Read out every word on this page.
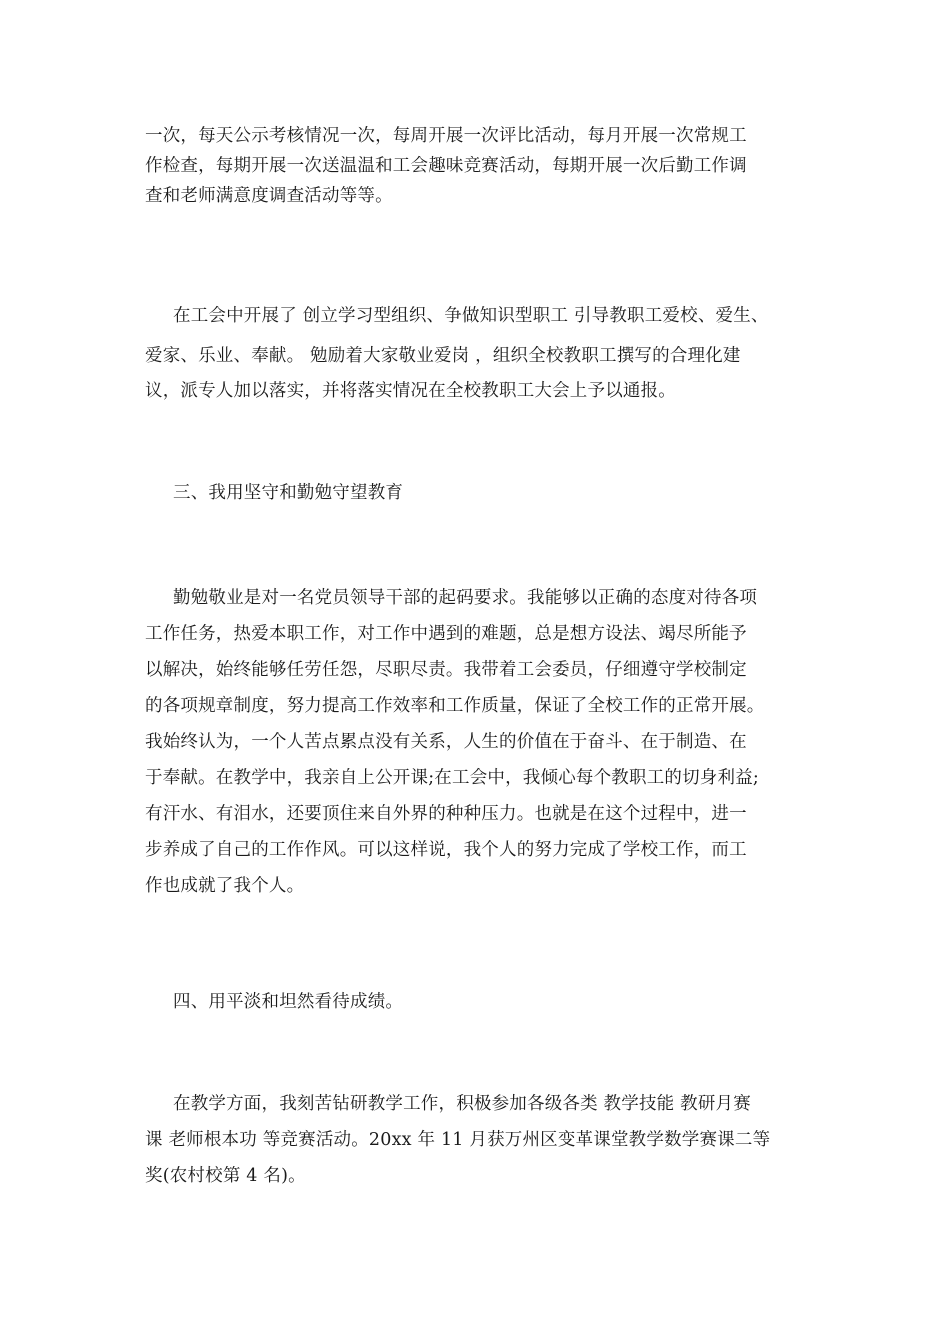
一次，每天公示考核情况一次，每周开展一次评比活动，每月开展一次常规工
作检查，每期开展一次送温温和工会趣味竞赛活动，每期开展一次后勤工作调
查和老师满意度调查活动等等。
在工会中开展了 创立学习型组织、争做知识型职工 引导教职工爱校、爱生、
爱家、乐业、奉献。 勉励着大家敬业爱岗 ，组织全校教职工撰写的合理化建
议，派专人加以落实，并将落实情况在全校教职工大会上予以通报。
三、我用坚守和勤勉守望教育
勤勉敬业是对一名党员领导干部的起码要求。我能够以正确的态度对待各项
工作任务，热爱本职工作，对工作中遇到的难题，总是想方设法、竭尽所能予
以解决，始终能够任劳任怨，尽职尽责。我带着工会委员，仔细遵守学校制定
的各项规章制度，努力提高工作效率和工作质量，保证了全校工作的正常开展。
我始终认为，一个人苦点累点没有关系，人生的价值在于奋斗、在于制造、在
于奉献。在教学中，我亲自上公开课;在工会中，我倾心每个教职工的切身利益;
有汗水、有泪水，还要顶住来自外界的种种压力。也就是在这个过程中，进一
步养成了自己的工作作风。可以这样说，我个人的努力完成了学校工作，而工
作也成就了我个人。
四、用平淡和坦然看待成绩。
在教学方面，我刻苦钻研教学工作，积极参加各级各类 教学技能 教研月赛
课 老师根本功 等竞赛活动。20xx 年 11 月获万州区变革课堂教学数学赛课二等
奖(农村校第 4 名)。
